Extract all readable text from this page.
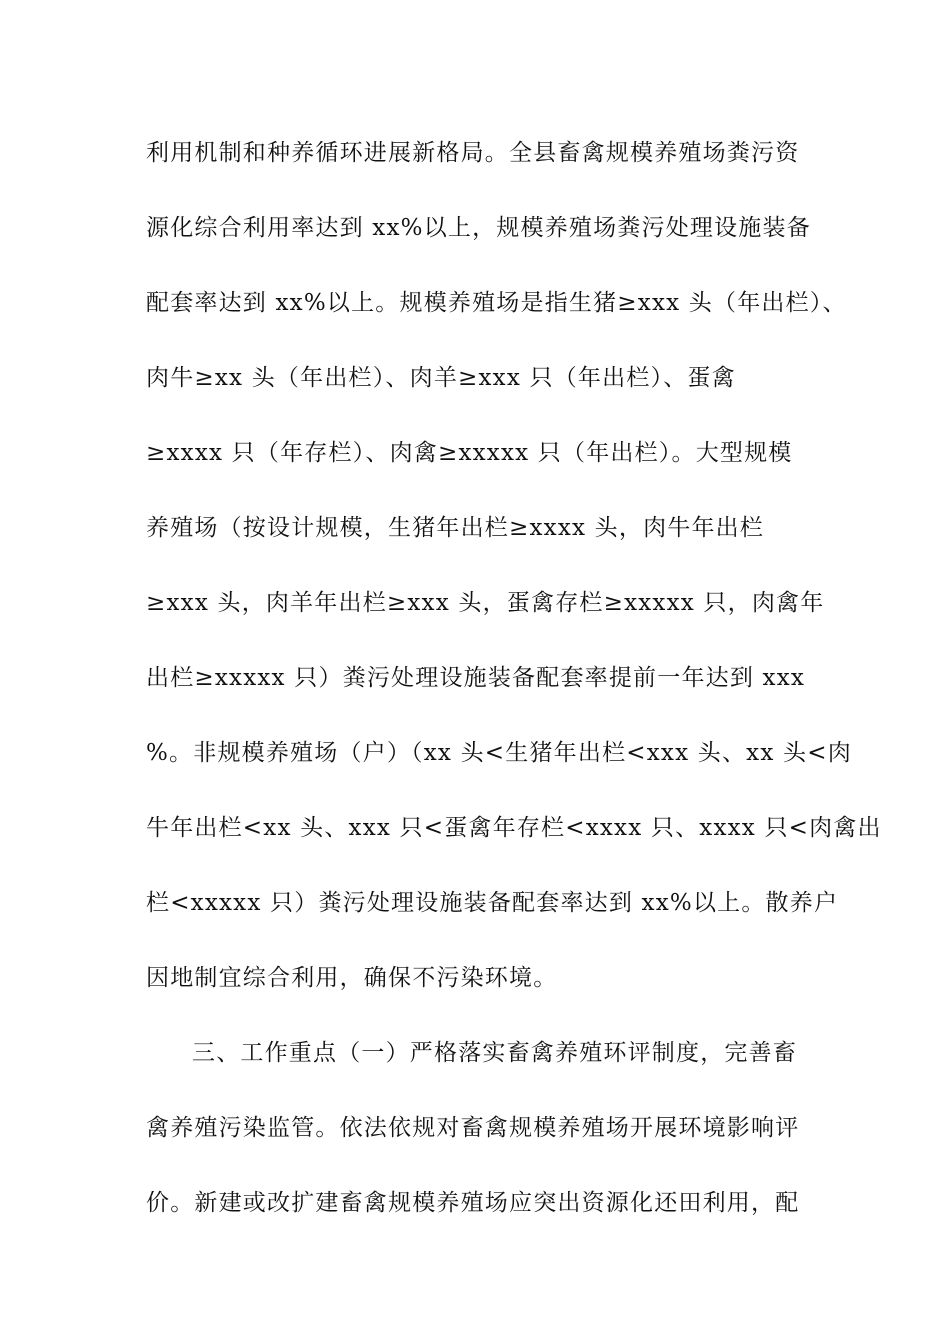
利用机制和种养循环进展新格局。全县畜禽规模养殖场粪污资
源化综合利用率达到 xx%以上，规模养殖场粪污处理设施装备
配套率达到 xx%以上。规模养殖场是指生猪≥xxx 头（年出栏）、
肉牛≥xx 头（年出栏）、肉羊≥xxx 只（年出栏）、蛋禽
≥xxxx 只（年存栏）、肉禽≥xxxxx 只（年出栏）。大型规模
养殖场（按设计规模，生猪年出栏≥xxxx 头，肉牛年出栏
≥xxx 头，肉羊年出栏≥xxx 头，蛋禽存栏≥xxxxx 只，肉禽年
出栏≥xxxxx 只）粪污处理设施装备配套率提前一年达到 xxx
%。非规模养殖场（户）（xx 头<生猪年出栏<xxx 头、xx 头<肉
牛年出栏<xx 头、xxx 只<蛋禽年存栏<xxxx 只、xxxx 只<肉禽出
栏<xxxxx 只）粪污处理设施装备配套率达到 xx%以上。散养户
因地制宜综合利用，确保不污染环境。
三、工作重点（一）严格落实畜禽养殖环评制度，完善畜
禽养殖污染监管。依法依规对畜禽规模养殖场开展环境影响评
价。新建或改扩建畜禽规模养殖场应突出资源化还田利用，配
